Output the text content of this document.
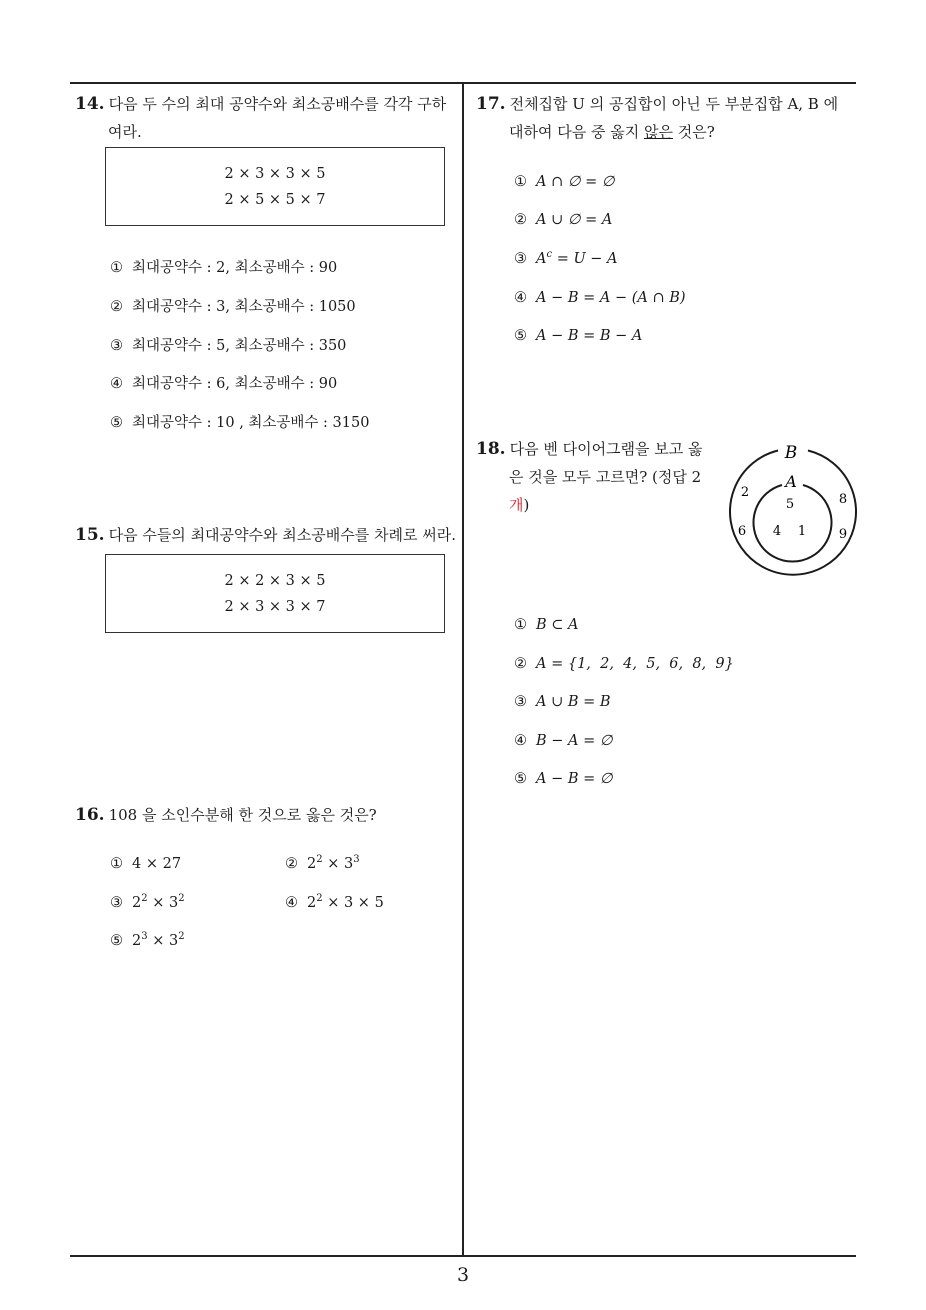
14. 다음 두 수의 최대 공약수와 최소공배수를 각각 구하
여라.
2 × 3 × 3 × 5
2 × 5 × 5 × 7
① 최대공약수 : 2, 최소공배수 : 90
② 최대공약수 : 3, 최소공배수 : 1050
③ 최대공약수 : 5, 최소공배수 : 350
④ 최대공약수 : 6, 최소공배수 : 90
⑤ 최대공약수 : 10 , 최소공배수 : 3150
15. 다음 수들의 최대공약수와 최소공배수를 차례로 써라.
2 × 2 × 3 × 5
2 × 3 × 3 × 7
16. 108 을 소인수분해 한 것으로 옳은 것은?
① 4 × 27	② $2^2 \times 3^3$
③ $2^2 \times 3^2$	④ $2^2 \times 3 \times 5$
⑤ $2^3 \times 3^2$
17. 전체집합 U 의 공집합이 아닌 두 부분집합 A, B 에
대하여 다음 중 옳지 않은 것은?
① A ∩ ∅ = ∅
② A ∪ ∅ = A
③ $A^c = U - A$
④ A − B = A − (A ∩ B)
⑤ A − B = B − A
18. 다음 벤 다이어그램을 보고 옳
은 것을 모두 고르면? (정답 2
개)
B
A
2	8
6	9
5
4 1
① B ⊂ A
② A = {1,  2,  4,  5,  6,  8,  9}
③ A ∪ B = B
④ B − A = ∅
⑤ A − B = ∅
3
